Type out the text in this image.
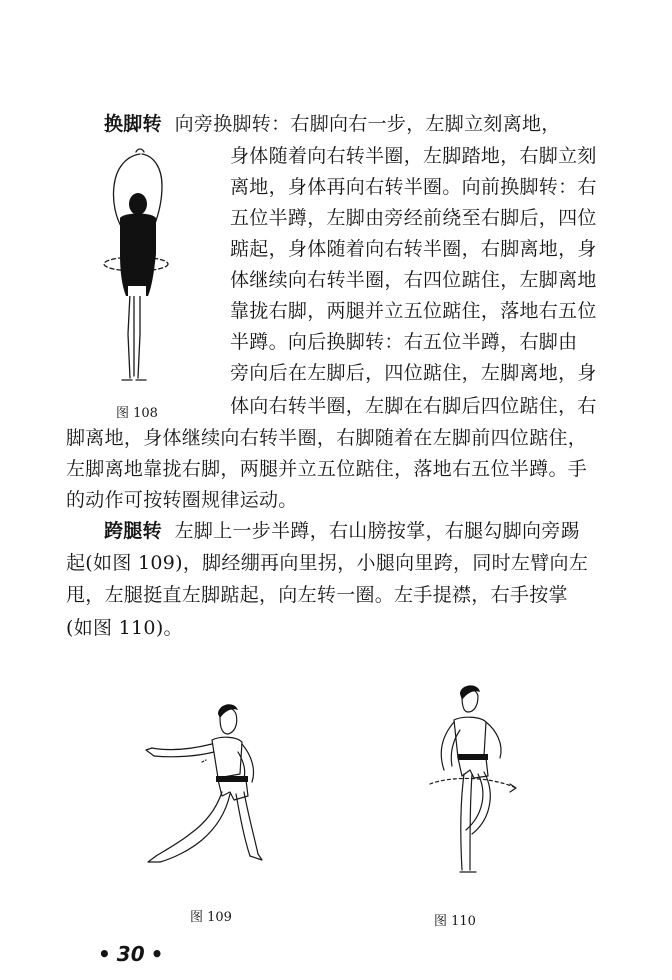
图 108
换脚转 向旁换脚转：右脚向右一步，左脚立刻离地，
身体随着向右转半圈，左脚踏地，右脚立刻
离地，身体再向右转半圈。向前换脚转：右
五位半蹲，左脚由旁经前绕至右脚后，四位
踮起，身体随着向右转半圈，右脚离地，身
体继续向右转半圈，右四位踮住，左脚离地
靠拢右脚，两腿并立五位踮住，落地右五位
半蹲。向后换脚转：右五位半蹲，右脚由
旁向后在左脚后，四位踮住，左脚离地，身
体向右转半圈，左脚在右脚后四位踮住，右
脚离地，身体继续向右转半圈，右脚随着在左脚前四位踮住，
左脚离地靠拢右脚，两腿并立五位踮住，落地右五位半蹲。手
的动作可按转圈规律运动。
跨腿转 左脚上一步半蹲，右山膀按掌，右腿勾脚向旁踢
起(如图 109)，脚经绷再向里拐，小腿向里跨，同时左臂向左
甩，左腿挺直左脚踮起，向左转一圈。左手提襟，右手按掌
(如图 110)。
图 109	图 110
• 30 •
